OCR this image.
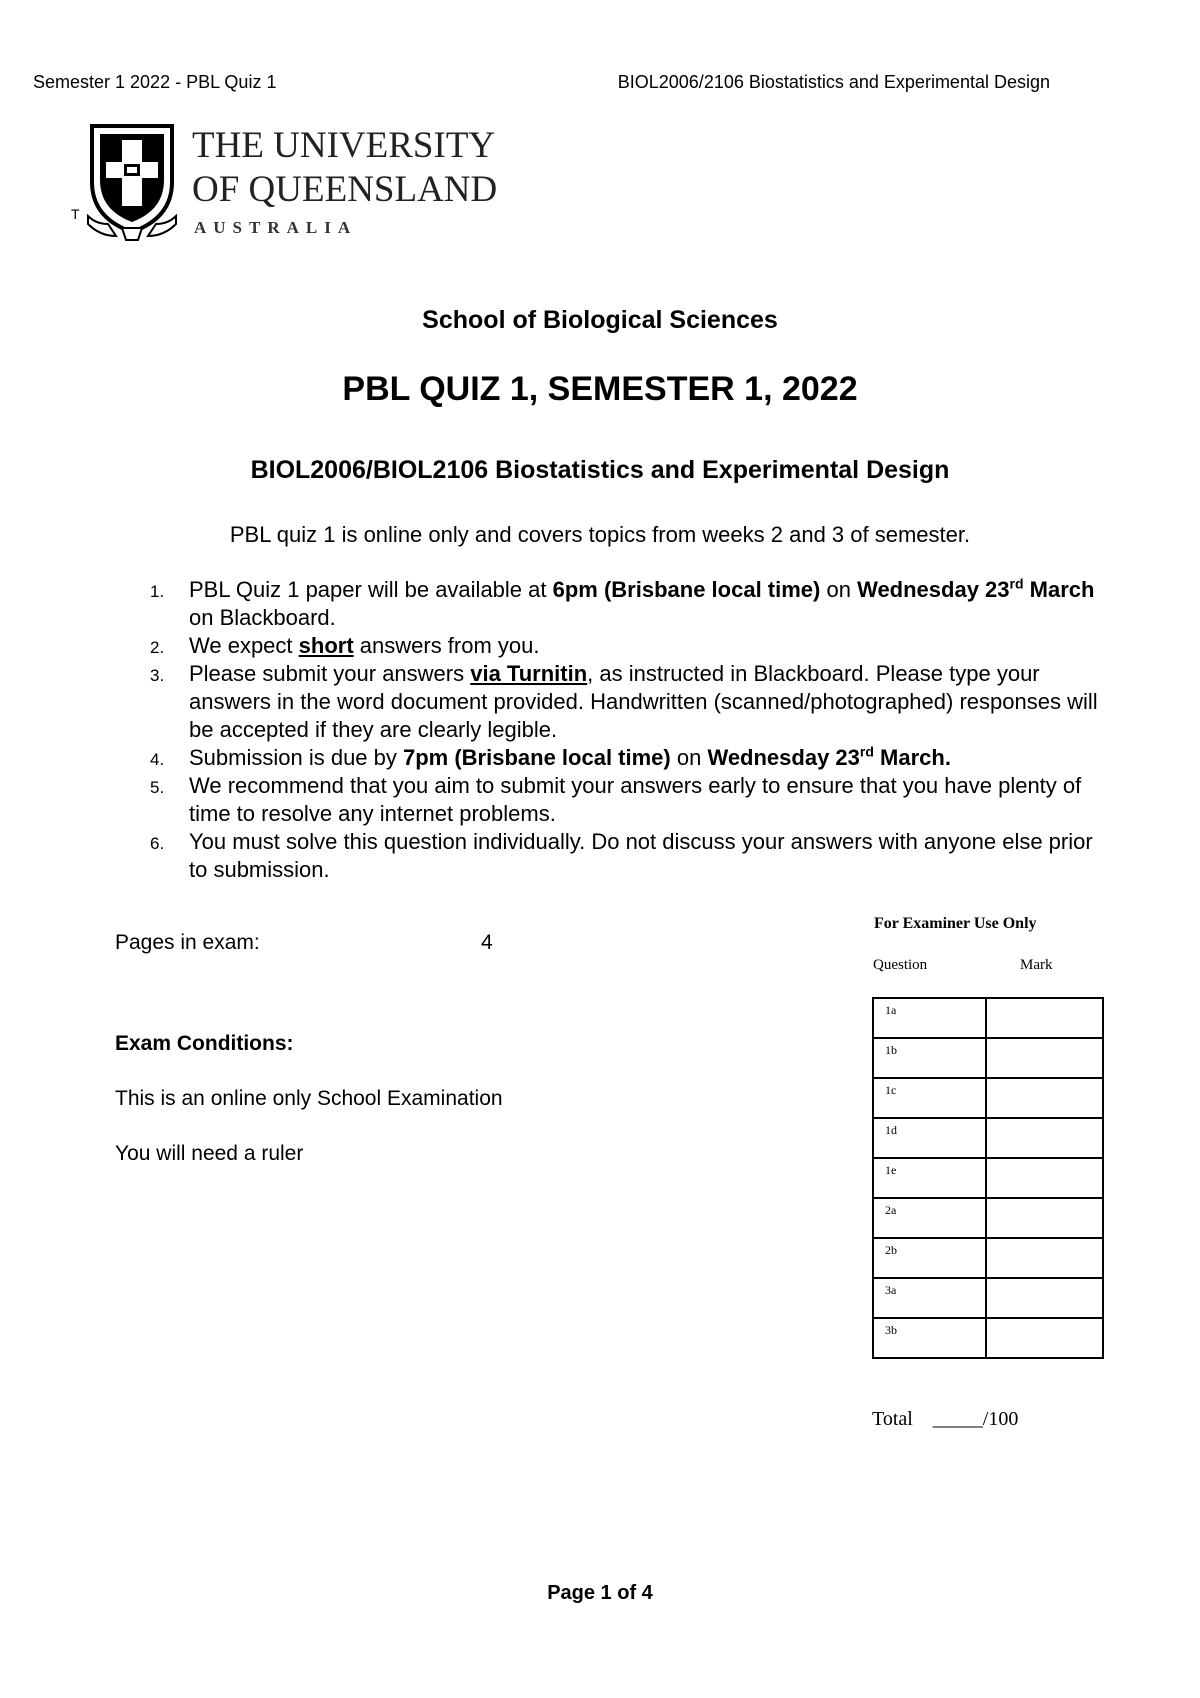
Semester 1 2022 - PBL Quiz 1	BIOL2006/2106 Biostatistics and Experimental Design
T
THE UNIVERSITY
OF QUEENSLAND
AUSTRALIA
School of Biological Sciences
PBL QUIZ 1, SEMESTER 1, 2022
BIOL2006/BIOL2106 Biostatistics and Experimental Design
PBL quiz 1 is online only and covers topics from weeks 2 and 3 of semester.
1. PBL Quiz 1 paper will be available at 6pm (Brisbane local time) on Wednesday 23rd March on Blackboard.
2. We expect short answers from you.
3. Please submit your answers via Turnitin, as instructed in Blackboard. Please type your answers in the word document provided. Handwritten (scanned/photographed) responses will be accepted if they are clearly legible.
4. Submission is due by 7pm (Brisbane local time) on Wednesday 23rd March.
5. We recommend that you aim to submit your answers early to ensure that you have plenty of time to resolve any internet problems.
6. You must solve this question individually. Do not discuss your answers with anyone else prior to submission.
Pages in exam:	4
Exam Conditions:
This is an online only School Examination
You will need a ruler
For Examiner Use Only
Question	Mark
1a	
1b	
1c	
1d	
1e	
2a	
2b	
3a	
3b	
Total    _____/100
Page 1 of 4
